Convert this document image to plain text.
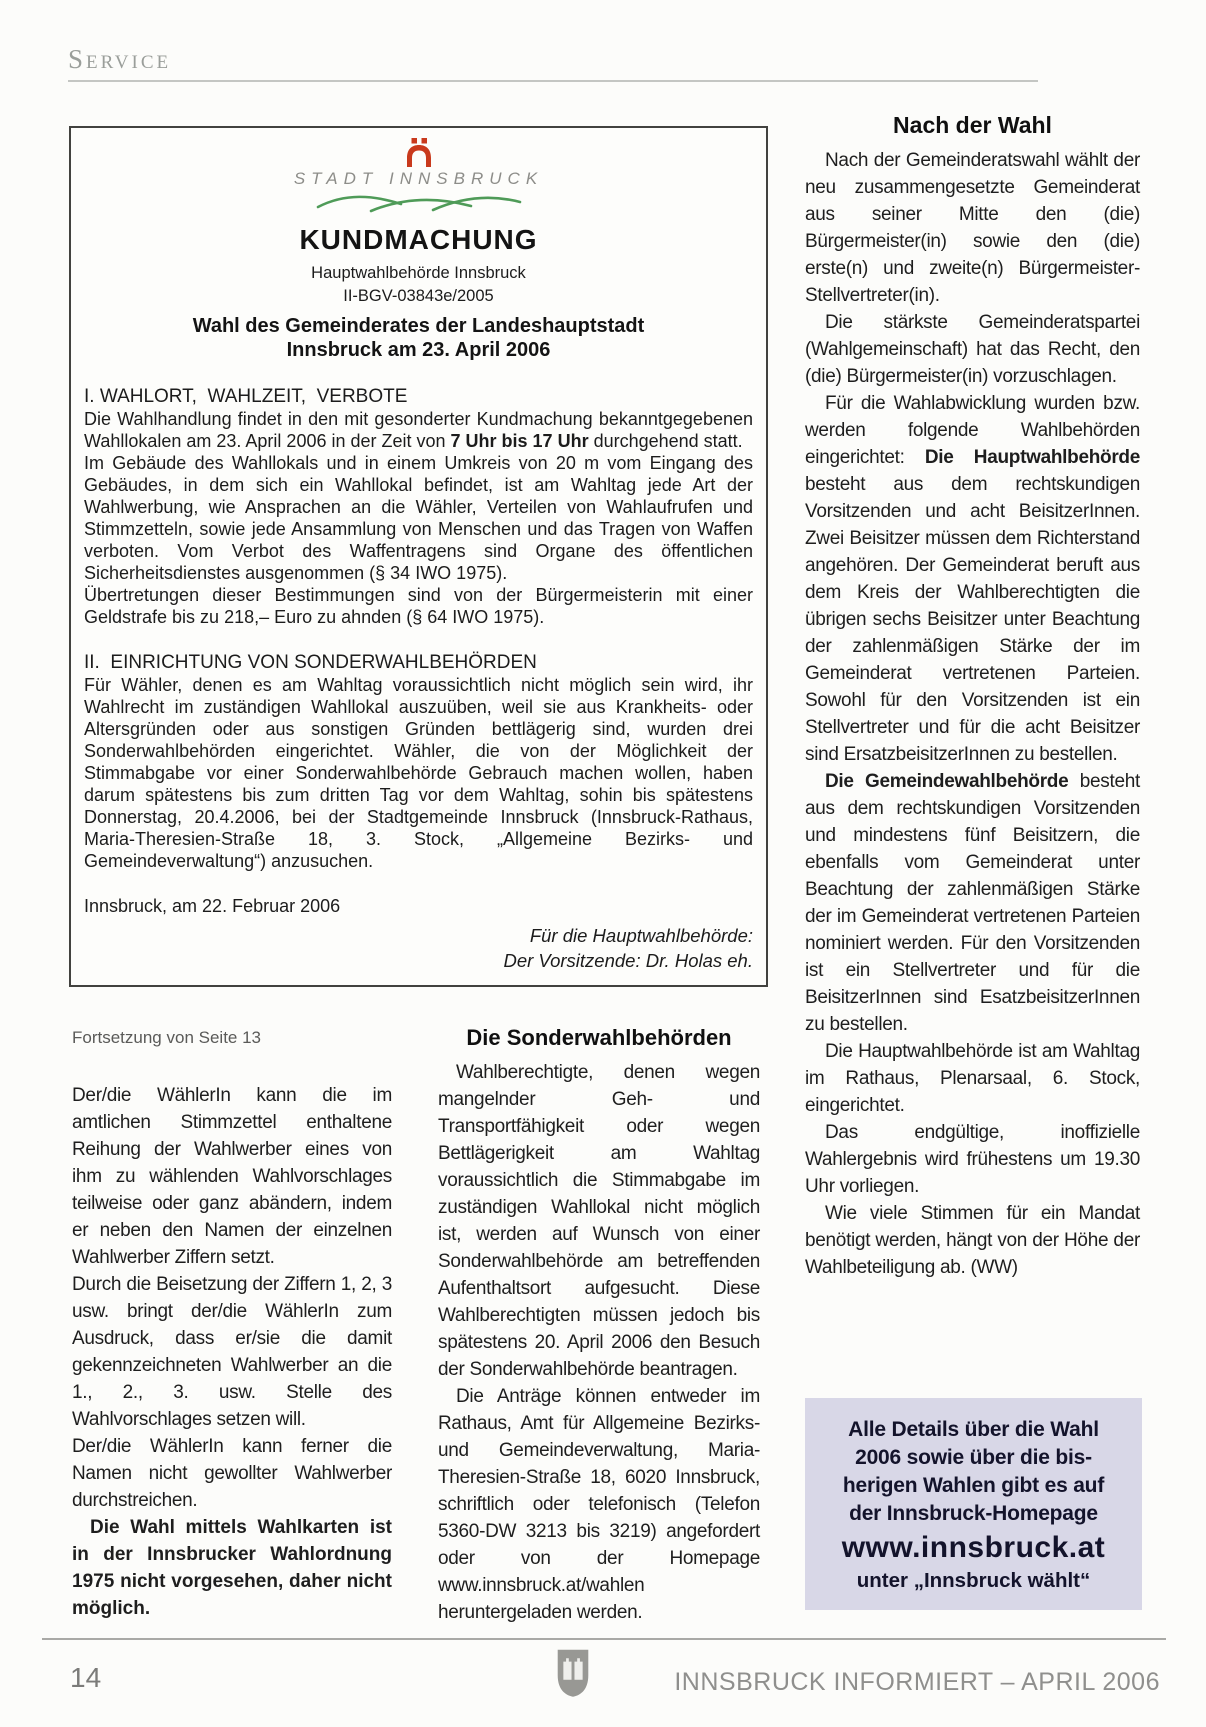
Service
STADT INNSBRUCK
KUNDMACHUNG
Hauptwahlbehörde Innsbruck
II-BGV-03843e/2005
Wahl des Gemeinderates der Landeshauptstadt
Innsbruck am 23. April 2006
I. WAHLORT,  WAHLZEIT,  VERBOTE

Die Wahlhandlung findet in den mit gesonderter Kundmachung bekanntgegebenen Wahllokalen am 23. April 2006 in der Zeit von 7 Uhr bis 17 Uhr durchgehend statt.

Im Gebäude des Wahllokals und in einem Umkreis von 20 m vom Eingang des Gebäudes, in dem sich ein Wahllokal befindet, ist am Wahltag jede Art der Wahlwerbung, wie Ansprachen an die Wähler, Verteilen von Wahlaufrufen und Stimmzetteln, sowie jede Ansammlung von Menschen und das Tragen von Waffen verboten. Vom Verbot des Waffentragens sind Organe des öffentlichen Sicherheitsdienstes ausgenommen (§ 34 IWO 1975).

Übertretungen dieser Bestimmungen sind von der Bürgermeisterin mit einer Geldstrafe bis zu 218,– Euro zu ahnden (§ 64 IWO 1975).

II.  EINRICHTUNG VON SONDERWAHLBEHÖRDEN

Für Wähler, denen es am Wahltag voraussichtlich nicht möglich sein wird, ihr Wahlrecht im zuständigen Wahllokal auszuüben, weil sie aus Krankheits- oder Altersgründen oder aus sonstigen Gründen bettlägerig sind, wurden drei Sonderwahlbehörden eingerichtet. Wähler, die von der Möglichkeit der Stimmabgabe vor einer Sonderwahlbehörde Gebrauch machen wollen, haben darum spätestens bis zum dritten Tag vor dem Wahltag, sohin bis spätestens Donnerstag, 20.4.2006, bei der Stadtgemeinde Innsbruck (Innsbruck-Rathaus, Maria-Theresien-Straße 18, 3. Stock, „Allgemeine Bezirks- und Gemeindeverwaltung“) anzusuchen.

Innsbruck, am 22. Februar 2006
Für die Hauptwahlbehörde:
Der Vorsitzende: Dr. Holas eh.
Nach der Wahl

Nach der Gemeinderatswahl wählt der neu zusammengesetzte Gemeinderat aus seiner Mitte den (die) Bürgermeister(in) sowie den (die) erste(n) und zweite(n) Bürgermeister-Stellvertreter(in).

Die stärkste Gemeinderatspartei (Wahlgemeinschaft) hat das Recht, den (die) Bürgermeister(in) vorzuschlagen.

Für die Wahlabwicklung wurden bzw. werden folgende Wahlbehörden eingerichtet: Die Hauptwahlbehörde besteht aus dem rechtskundigen Vorsitzenden und acht BeisitzerInnen. Zwei Beisitzer müssen dem Richterstand angehören. Der Gemeinderat beruft aus dem Kreis der Wahlberechtigten die übrigen sechs Beisitzer unter Beachtung der zahlenmäßigen Stärke der im Gemeinderat vertretenen Parteien. Sowohl für den Vorsitzenden ist ein Stellvertreter und für die acht Beisitzer sind ErsatzbeisitzerInnen zu bestellen.

Die Gemeindewahlbehörde besteht aus dem rechtskundigen Vorsitzenden und mindestens fünf Beisitzern, die ebenfalls vom Gemeinderat unter Beachtung der zahlenmäßigen Stärke der im Gemeinderat vertretenen Parteien nominiert werden. Für den Vorsitzenden ist ein Stellvertreter und für die BeisitzerInnen sind EsatzbeisitzerInnen zu bestellen.

Die Hauptwahlbehörde ist am Wahltag im Rathaus, Plenarsaal, 6. Stock, eingerichtet.

Das endgültige, inoffizielle Wahlergebnis wird frühestens um 19.30 Uhr vorliegen.

Wie viele Stimmen für ein Mandat benötigt werden, hängt von der Höhe der Wahlbeteiligung ab. (WW)

Fortsetzung von Seite 13

Der/die WählerIn kann die im amtlichen Stimmzettel enthaltene Reihung der Wahlwerber eines von ihm zu wählenden Wahlvorschlages teilweise oder ganz abändern, indem er neben den Namen der einzelnen Wahlwerber Ziffern setzt.

Durch die Beisetzung der Ziffern 1, 2, 3 usw. bringt der/die WählerIn zum Ausdruck, dass er/sie die damit gekennzeichneten Wahlwerber an die 1., 2., 3. usw. Stelle des Wahlvorschlages setzen will.

Der/die WählerIn kann ferner die Namen nicht gewollter Wahlwerber durchstreichen.

Die Wahl mittels Wahlkarten ist in der Innsbrucker Wahlordnung 1975 nicht vorgesehen, daher nicht möglich.

Die Sonderwahlbehörden

Wahlberechtigte, denen wegen mangelnder Geh- und Transportfähigkeit oder wegen Bettlägerigkeit am Wahltag voraussichtlich die Stimmabgabe im zuständigen Wahllokal nicht möglich ist, werden auf Wunsch von einer Sonderwahlbehörde am betreffenden Aufenthaltsort aufgesucht. Diese Wahlberechtigten müssen jedoch bis spätestens 20. April 2006 den Besuch der Sonderwahlbehörde beantragen.

Die Anträge können entweder im Rathaus, Amt für Allgemeine Bezirks- und Gemeindeverwaltung, Maria-Theresien-Straße 18, 6020 Innsbruck, schriftlich oder telefonisch (Telefon 5360-DW 3213 bis 3219) angefordert oder von der Homepage www.innsbruck.at/wahlen heruntergeladen werden.

Alle Details über die Wahl
2006 sowie über die bis-
herigen Wahlen gibt es auf
der Innsbruck-Homepage
www.innsbruck.at
unter „Innsbruck wählt“
14	INNSBRUCK INFORMIERT – APRIL 2006
